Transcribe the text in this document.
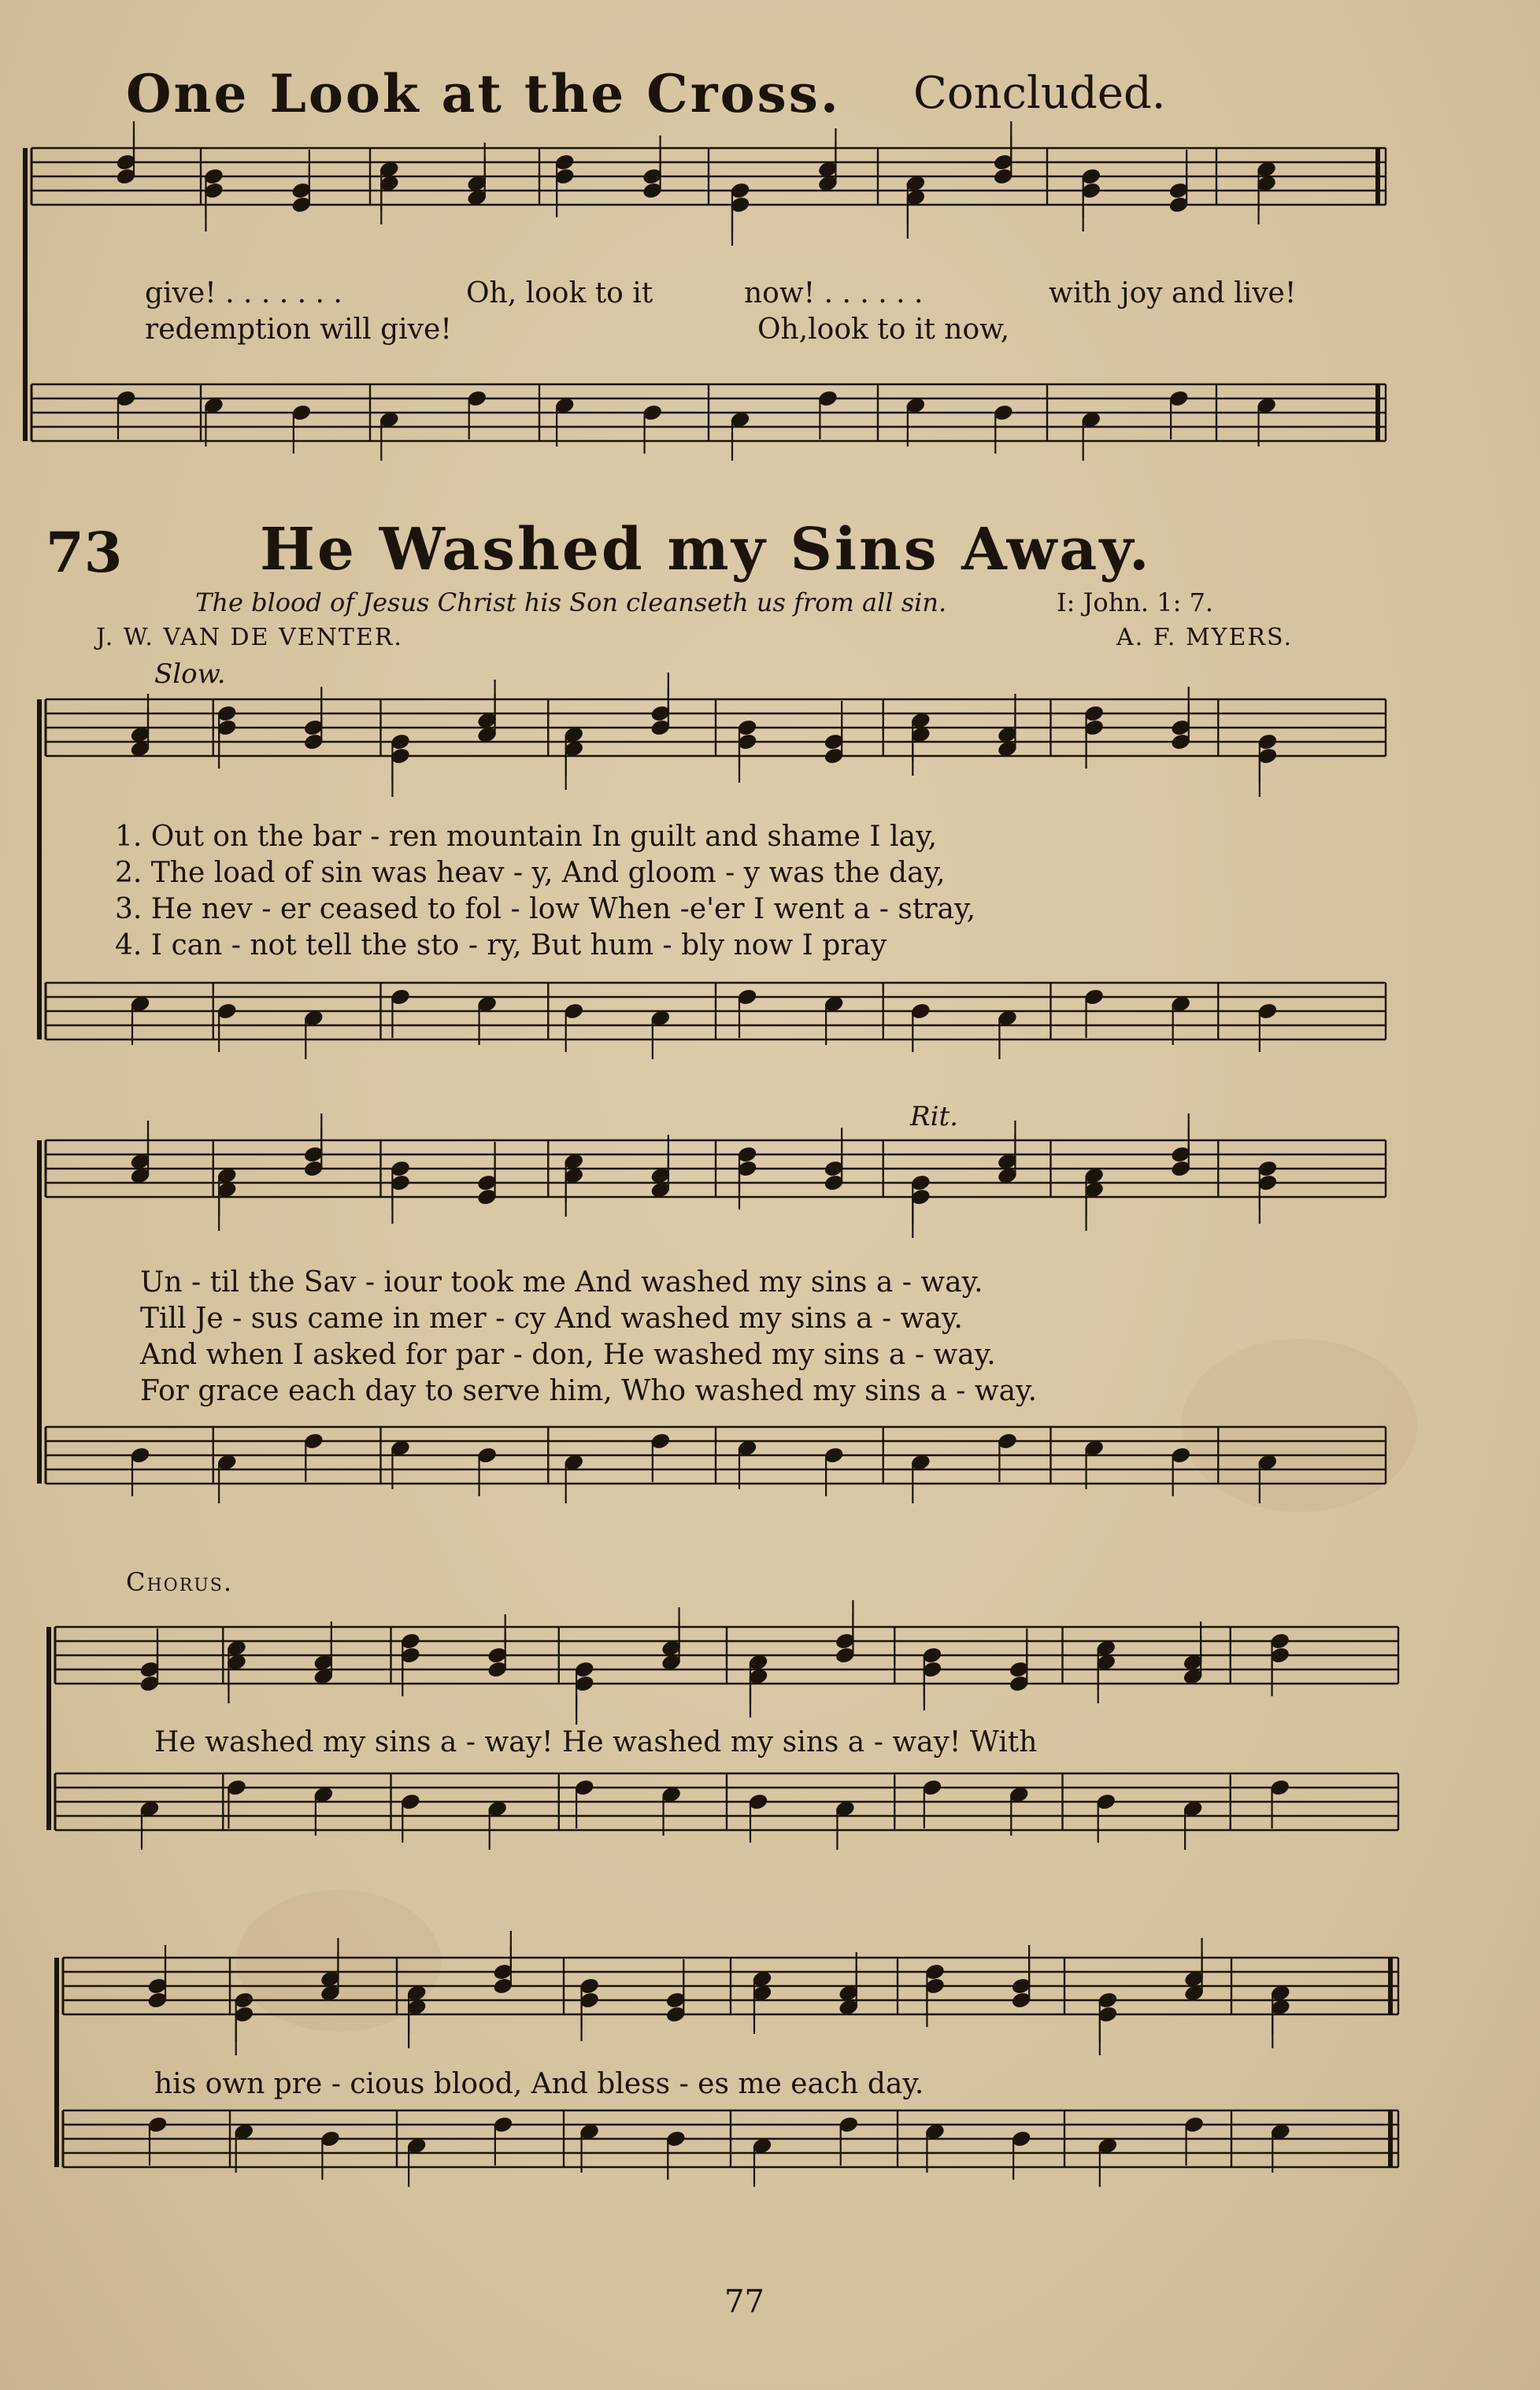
One Look at the Cross. Concluded.
give! . . . . . . .	Oh, look to it	now! . . . . . .	with joy and live!
redemption will give!	Oh,look to it now,
73 He Washed my Sins Away.
The blood of Jesus Christ his Son cleanseth us from all sin.	I: John. 1: 7.
J. W. VAN DE VENTER.	A. F. MYERS.
Slow.
Rit.
1. Out on the bar - ren mountain In guilt and shame I lay,
2. The load of sin was heav - y, And gloom - y was the day,
3. He nev - er ceased to fol - low When -e'er I went a - stray,
4. I can - not tell the sto - ry, But hum - bly now I pray
Un - til the Sav - iour took me And washed my sins a - way.
Till Je - sus came in mer - cy And washed my sins a - way.
And when I asked for par - don, He washed my sins a - way.
For grace each day to serve him, Who washed my sins a - way.
Chorus.
He washed my sins a - way! He washed my sins a - way! With
his own pre - cious blood, And bless - es me each day.
77
